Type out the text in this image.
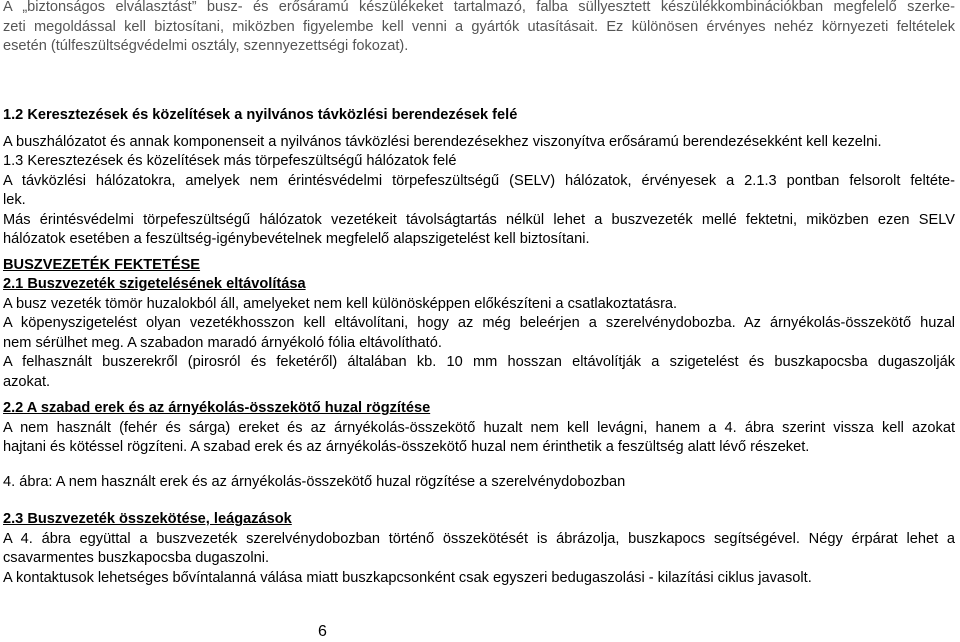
A „biztonságos elválasztást” busz- és erősáramú készülékeket tartalmazó, falba süllyesztett készülékkombinációkban megfelelő szerke-
zeti megoldással kell biztosítani, miközben figyelembe kell venni a gyártók utasításait. Ez különösen érvényes nehéz környezeti feltételek
esetén (túlfeszültségvédelmi osztály, szennyezettségi fokozat).
1.2 Keresztezések és közelítések a nyilvános távközlési berendezések felé
A buszhálózatot és annak komponenseit a nyilvános távközlési berendezésekhez viszonyítva erősáramú berendezésekként kell kezelni.
1.3 Keresztezések és közelítések más törpefeszültségű hálózatok felé
A távközlési hálózatokra, amelyek nem érintésvédelmi törpefeszültségű (SELV) hálózatok, érvényesek a 2.1.3 pontban felsorolt feltéte-
lek.
Más érintésvédelmi törpefeszültségű hálózatok vezetékeit távolságtartás nélkül lehet a buszvezeték mellé fektetni, miközben ezen SELV
hálózatok esetében a feszültség-igénybevételnek megfelelő alapszigetelést kell biztosítani.
BUSZVEZETÉK FEKTETÉSE
2.1 Buszvezeték szigetelésének eltávolítása
A busz vezeték tömör huzalokból áll, amelyeket nem kell különösképpen előkészíteni a csatlakoztatásra.
A köpenyszigetelést olyan vezetékhosszon kell eltávolítani, hogy az még beleérjen a szerelvénydobozba. Az árnyékolás-összekötő huzal
nem sérülhet meg. A szabadon maradó árnyékoló fólia eltávolítható.
A felhasznált buszerekről (pirosról és feketéről) általában kb. 10 mm hosszan eltávolítják a szigetelést és buszkapocsba dugaszolják
azokat.
2.2 A szabad erek és az árnyékolás-összekötő huzal rögzítése
A nem használt (fehér és sárga) ereket és az árnyékolás-összekötő huzalt nem kell levágni, hanem a 4. ábra szerint vissza kell azokat
hajtani és kötéssel rögzíteni. A szabad erek és az árnyékolás-összekötő huzal nem érinthetik a feszültség alatt lévő részeket.
4. ábra: A nem használt erek és az árnyékolás-összekötő huzal rögzítése a szerelvénydobozban
2.3 Buszvezeték összekötése, leágazások
A 4. ábra együttal a buszvezeték szerelvénydobozban történő összekötését is ábrázolja, buszkapocs segítségével. Négy érpárat lehet a
csavarmentes buszkapocsba dugaszolni.
A kontaktusok lehetséges bővíntalanná válása miatt buszkapcsonként csak egyszeri bedugaszolási - kilazítási ciklus javasolt.
6
